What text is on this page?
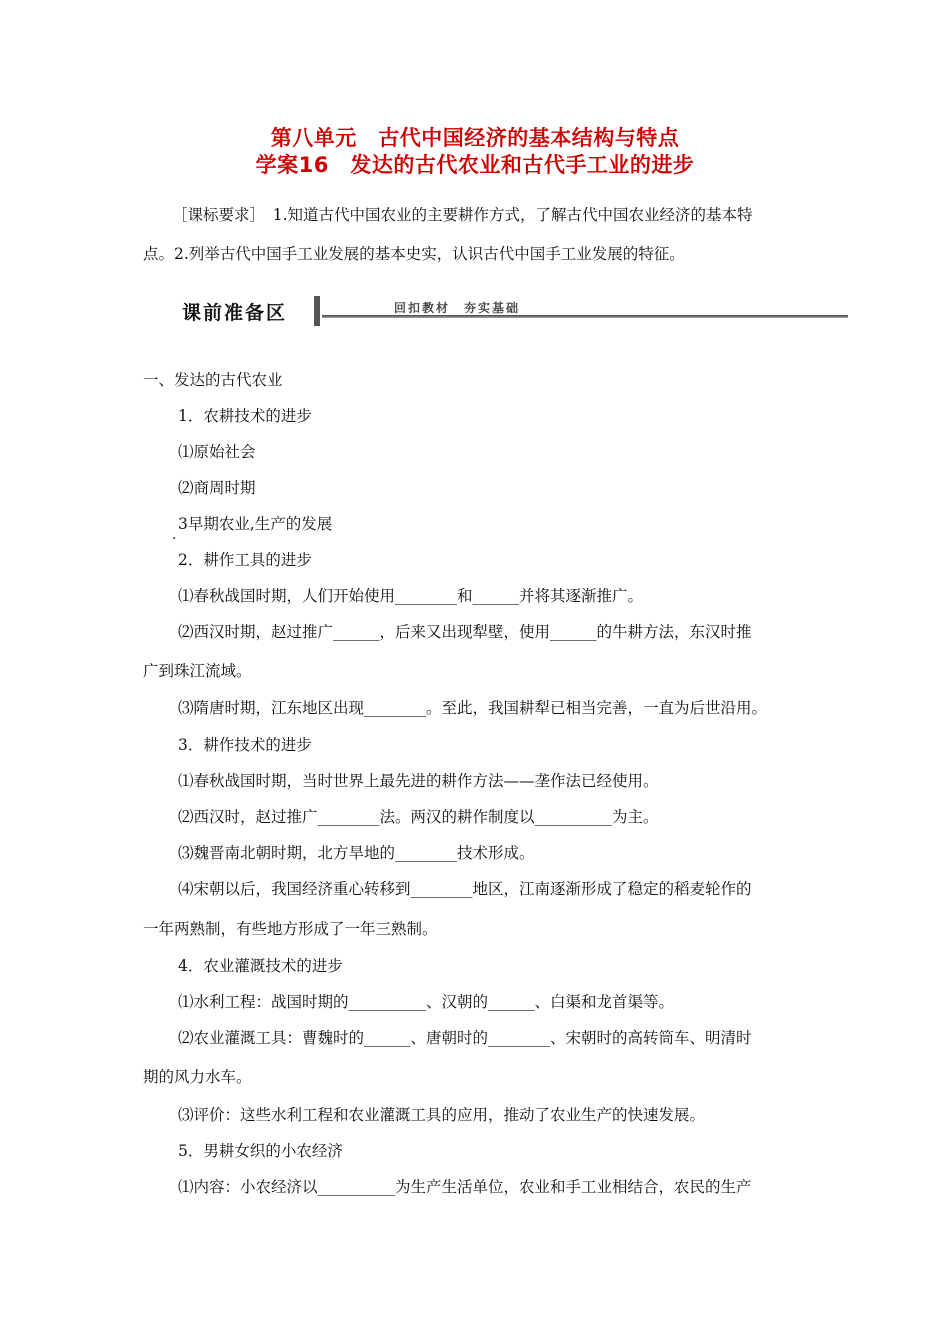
第八单元　古代中国经济的基本结构与特点
学案16　发达的古代农业和古代手工业的进步
［课标要求］　1.知道古代中国农业的主要耕作方式，了解古代中国农业经济的基本特
点。2.列举古代中国手工业发展的基本史实，认识古代中国手工业发展的特征。
课前准备区	回扣教材　夯实基础
一、发达的古代农业
1．农耕技术的进步
⑴原始社会
⑵商周时期
.
3早期农业,生产的发展
2．耕作工具的进步
⑴春秋战国时期，人们开始使用________和______并将其逐渐推广。
⑵西汉时期，赵过推广______，后来又出现犁壁，使用______的牛耕方法，东汉时推
广到珠江流域。
⑶隋唐时期，江东地区出现________。至此，我国耕犁已相当完善，一直为后世沿用。
3．耕作技术的进步
⑴春秋战国时期，当时世界上最先进的耕作方法——垄作法已经使用。
⑵西汉时，赵过推广________法。两汉的耕作制度以__________为主。
⑶魏晋南北朝时期，北方旱地的________技术形成。
⑷宋朝以后，我国经济重心转移到________地区，江南逐渐形成了稳定的稻麦轮作的
一年两熟制，有些地方形成了一年三熟制。
4．农业灌溉技术的进步
⑴水利工程：战国时期的__________、汉朝的______、白渠和龙首渠等。
⑵农业灌溉工具：曹魏时的______、唐朝时的________、宋朝时的高转筒车、明清时
期的风力水车。
⑶评价：这些水利工程和农业灌溉工具的应用，推动了农业生产的快速发展。
5．男耕女织的小农经济
⑴内容：小农经济以__________为生产生活单位，农业和手工业相结合，农民的生产
